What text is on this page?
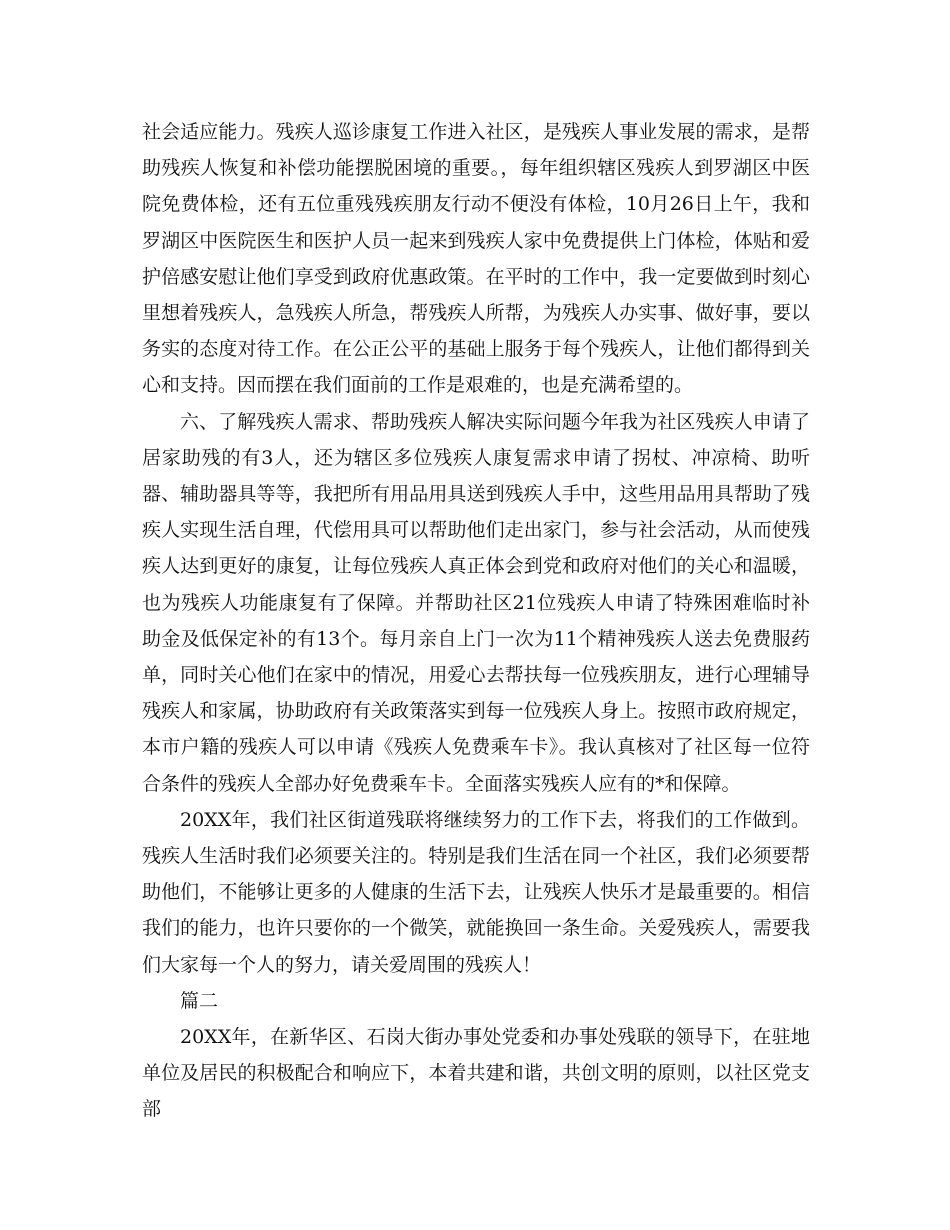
社会适应能力。残疾人巡诊康复工作进入社区，是残疾人事业发展的需求，是帮助残疾人恢复和补偿功能摆脱困境的重要。，每年组织辖区残疾人到罗湖区中医院免费体检，还有五位重残残疾朋友行动不便没有体检，10月26日上午，我和罗湖区中医院医生和医护人员一起来到残疾人家中免费提供上门体检，体贴和爱护倍感安慰让他们享受到政府优惠政策。在平时的工作中，我一定要做到时刻心里想着残疾人，急残疾人所急，帮残疾人所帮，为残疾人办实事、做好事，要以务实的态度对待工作。在公正公平的基础上服务于每个残疾人，让他们都得到关心和支持。因而摆在我们面前的工作是艰难的，也是充满希望的。

六、了解残疾人需求、帮助残疾人解决实际问题今年我为社区残疾人申请了居家助残的有3人，还为辖区多位残疾人康复需求申请了拐杖、冲凉椅、助听器、辅助器具等等，我把所有用品用具送到残疾人手中，这些用品用具帮助了残疾人实现生活自理，代偿用具可以帮助他们走出家门，参与社会活动，从而使残疾人达到更好的康复，让每位残疾人真正体会到党和政府对他们的关心和温暖，也为残疾人功能康复有了保障。并帮助社区21位残疾人申请了特殊困难临时补助金及低保定补的有13个。每月亲自上门一次为11个精神残疾人送去免费服药单，同时关心他们在家中的情况，用爱心去帮扶每一位残疾朋友，进行心理辅导残疾人和家属，协助政府有关政策落实到每一位残疾人身上。按照市政府规定，本市户籍的残疾人可以申请《残疾人免费乘车卡》。我认真核对了社区每一位符合条件的残疾人全部办好免费乘车卡。全面落实残疾人应有的*和保障。

20XX年，我们社区街道残联将继续努力的工作下去，将我们的工作做到。残疾人生活时我们必须要关注的。特别是我们生活在同一个社区，我们必须要帮助他们，不能够让更多的人健康的生活下去，让残疾人快乐才是最重要的。相信我们的能力，也许只要你的一个微笑，就能换回一条生命。关爱残疾人，需要我们大家每一个人的努力，请关爱周围的残疾人！

篇二

20XX年，在新华区、石岗大街办事处党委和办事处残联的领导下，在驻地单位及居民的积极配合和响应下，本着共建和谐，共创文明的原则，以社区党支部
